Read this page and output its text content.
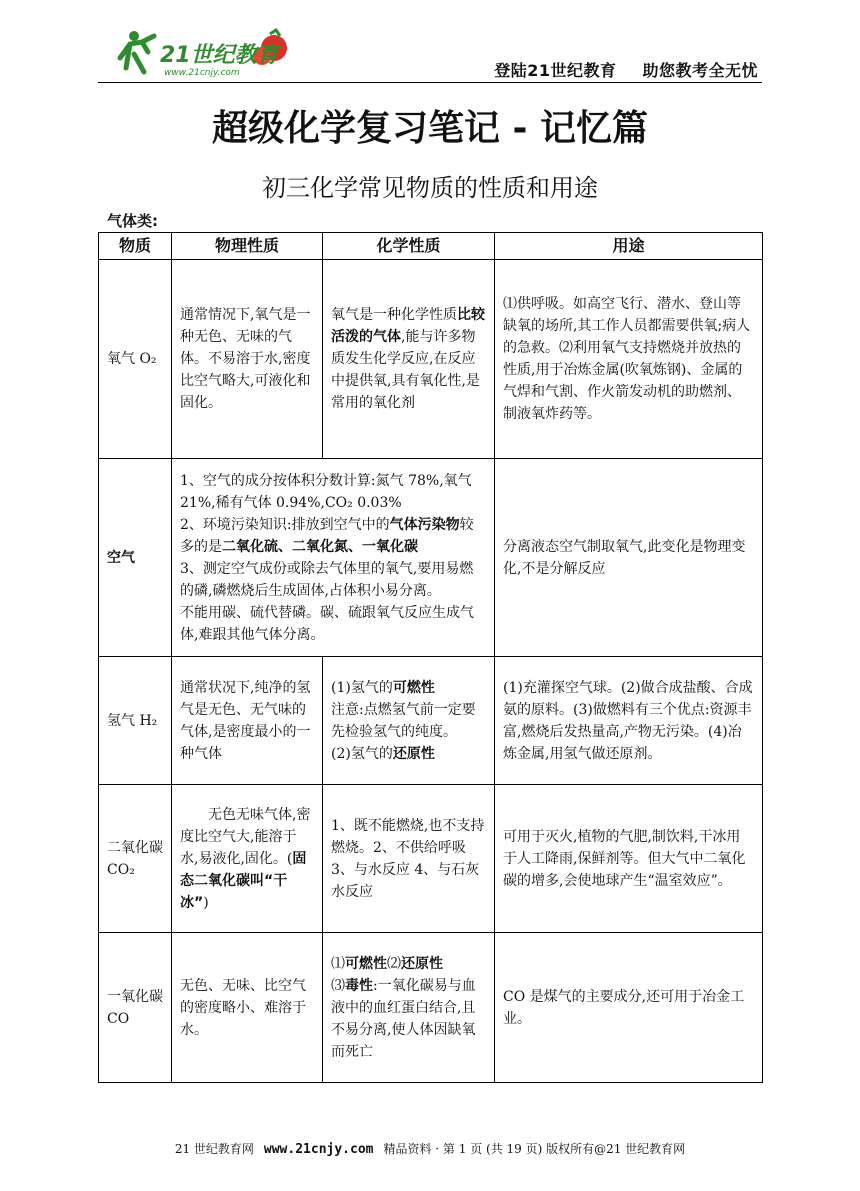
21世纪教育
www.21cnjy.com	登陆21世纪教育 助您教考全无忧
超级化学复习笔记 - 记忆篇
初三化学常见物质的性质和用途
气体类:
物质	物理性质	化学性质	用途
氧气 O₂	通常情况下,氧气是一种无色、无味的气体。不易溶于水,密度比空气略大,可液化和固化。	氧气是一种化学性质比较活泼的气体,能与许多物质发生化学反应,在反应中提供氧,具有氧化性,是常用的氧化剂	⑴供呼吸。如高空飞行、潜水、登山等缺氧的场所,其工作人员都需要供氧;病人的急救。⑵利用氧气支持燃烧并放热的性质,用于冶炼金属(吹氧炼钢)、金属的气焊和气割、作火箭发动机的助燃剂、制液氧炸药等。
空气	1、空气的成分按体积分数计算:氮气 78%,氧气 21%,稀有气体 0.94%,CO₂ 0.03%
2、环境污染知识:排放到空气中的气体污染物较多的是二氧化硫、二氧化氮、一氧化碳
3、测定空气成份或除去气体里的氧气,要用易燃的磷,磷燃烧后生成固体,占体积小易分离。
不能用碳、硫代替磷。碳、硫跟氧气反应生成气体,难跟其他气体分离。		分离液态空气制取氧气,此变化是物理变化,不是分解反应
氢气 H₂	通常状况下,纯净的氢气是无色、无气味的气体,是密度最小的一种气体	(1)氢气的可燃性
注意:点燃氢气前一定要先检验氢气的纯度。
(2)氢气的还原性	(1)充灌探空气球。(2)做合成盐酸、合成氨的原料。(3)做燃料有三个优点:资源丰富,燃烧后发热量高,产物无污染。(4)冶炼金属,用氢气做还原剂。
二氧化碳 CO₂	无色无味气体,密度比空气大,能溶于水,易液化,固化。(固态二氧化碳叫“干冰”)	1、既不能燃烧,也不支持燃烧。2、不供给呼吸 3、与水反应 4、与石灰水反应	可用于灭火,植物的气肥,制饮料,干冰用于人工降雨,保鲜剂等。但大气中二氧化碳的增多,会使地球产生“温室效应”。
一氧化碳 CO	无色、无味、比空气的密度略小、难溶于水。	⑴可燃性⑵还原性
⑶毒性:一氧化碳易与血液中的血红蛋白结合,且不易分离,使人体因缺氧而死亡	CO 是煤气的主要成分,还可用于冶金工业。
21 世纪教育网 www.21cnjy.com 精品资料 · 第 1 页 (共 19 页) 版权所有@21 世纪教育网
